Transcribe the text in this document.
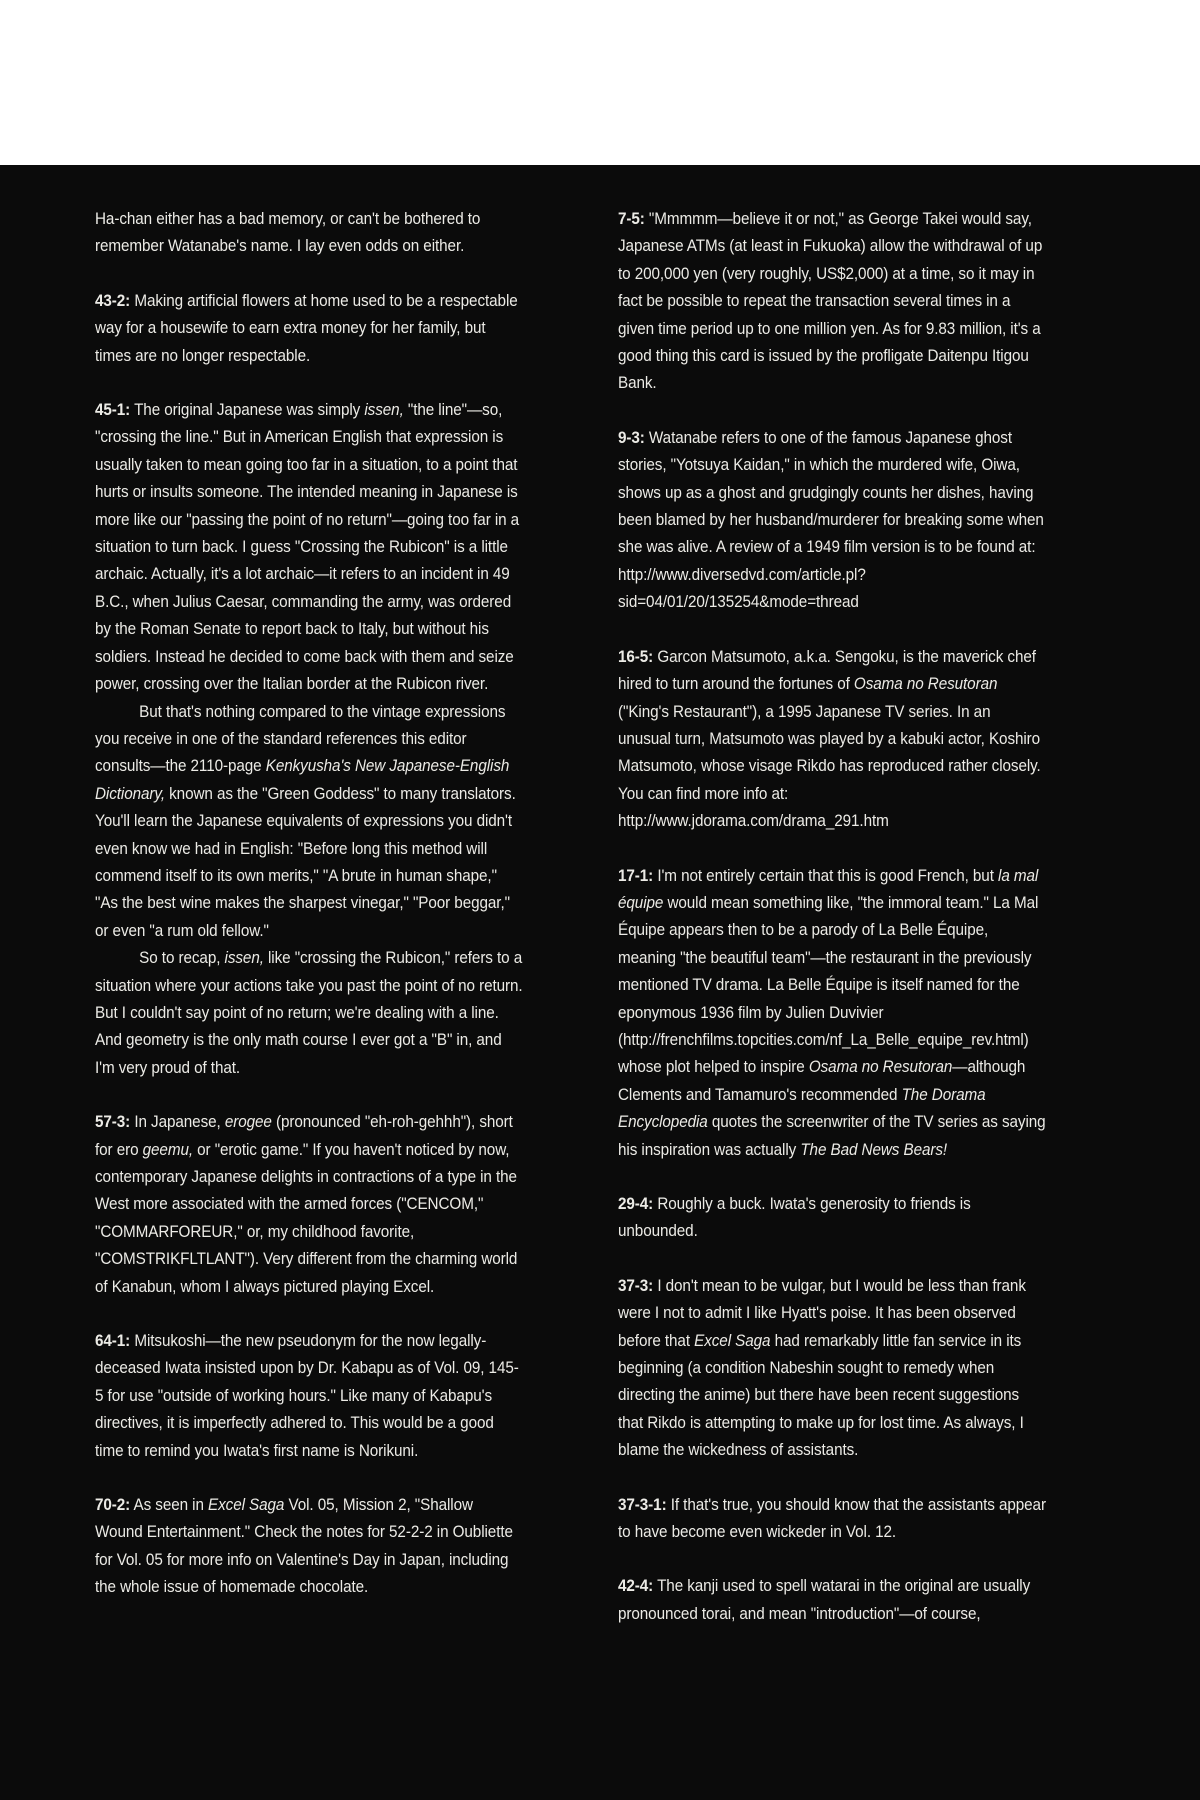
Ha-chan either has a bad memory, or can't be bothered to remember Watanabe's name. I lay even odds on either.

43-2: Making artificial flowers at home used to be a respectable way for a housewife to earn extra money for her family, but times are no longer respectable.

45-1: The original Japanese was simply issen, "the line"—so, "crossing the line." But in American English that expression is usually taken to mean going too far in a situation, to a point that hurts or insults someone. The intended meaning in Japanese is more like our "passing the point of no return"—going too far in a situation to turn back. I guess "Crossing the Rubicon" is a little archaic. Actually, it's a lot archaic—it refers to an incident in 49 B.C., when Julius Caesar, commanding the army, was ordered by the Roman Senate to report back to Italy, but without his soldiers. Instead he decided to come back with them and seize power, crossing over the Italian border at the Rubicon river.

But that's nothing compared to the vintage expressions you receive in one of the standard references this editor consults—the 2110-page Kenkyusha's New Japanese-English Dictionary, known as the "Green Goddess" to many translators. You'll learn the Japanese equivalents of expressions you didn't even know we had in English: "Before long this method will commend itself to its own merits," "A brute in human shape," "As the best wine makes the sharpest vinegar," "Poor beggar," or even "a rum old fellow."

So to recap, issen, like "crossing the Rubicon," refers to a situation where your actions take you past the point of no return. But I couldn't say point of no return; we're dealing with a line. And geometry is the only math course I ever got a "B" in, and I'm very proud of that.

57-3: In Japanese, erogee (pronounced "eh-roh-gehhh"), short for ero geemu, or "erotic game." If you haven't noticed by now, contemporary Japanese delights in contractions of a type in the West more associated with the armed forces ("CENCOM," "COMMARFOREUR," or, my childhood favorite, "COMSTRIKFLTLANT"). Very different from the charming world of Kanabun, whom I always pictured playing Excel.

64-1: Mitsukoshi—the new pseudonym for the now legally-deceased Iwata insisted upon by Dr. Kabapu as of Vol. 09, 145-5 for use "outside of working hours." Like many of Kabapu's directives, it is imperfectly adhered to. This would be a good time to remind you Iwata's first name is Norikuni.

70-2: As seen in Excel Saga Vol. 05, Mission 2, "Shallow Wound Entertainment." Check the notes for 52-2-2 in Oubliette for Vol. 05 for more info on Valentine's Day in Japan, including the whole issue of homemade chocolate.

7-5: "Mmmmm—believe it or not," as George Takei would say, Japanese ATMs (at least in Fukuoka) allow the withdrawal of up to 200,000 yen (very roughly, US$2,000) at a time, so it may in fact be possible to repeat the transaction several times in a given time period up to one million yen. As for 9.83 million, it's a good thing this card is issued by the profligate Daitenpu Itigou Bank.

9-3: Watanabe refers to one of the famous Japanese ghost stories, "Yotsuya Kaidan," in which the murdered wife, Oiwa, shows up as a ghost and grudgingly counts her dishes, having been blamed by her husband/murderer for breaking some when she was alive. A review of a 1949 film version is to be found at: http://www.diversedvd.com/article.pl?sid=04/01/20/135254&mode=thread

16-5: Garcon Matsumoto, a.k.a. Sengoku, is the maverick chef hired to turn around the fortunes of Osama no Resutoran ("King's Restaurant"), a 1995 Japanese TV series. In an unusual turn, Matsumoto was played by a kabuki actor, Koshiro Matsumoto, whose visage Rikdo has reproduced rather closely. You can find more info at: http://www.jdorama.com/drama_291.htm

17-1: I'm not entirely certain that this is good French, but la mal équipe would mean something like, "the immoral team." La Mal Équipe appears then to be a parody of La Belle Équipe, meaning "the beautiful team"—the restaurant in the previously mentioned TV drama. La Belle Équipe is itself named for the eponymous 1936 film by Julien Duvivier (http://frenchfilms.topcities.com/nf_La_Belle_equipe_rev.html) whose plot helped to inspire Osama no Resutoran—although Clements and Tamamuro's recommended The Dorama Encyclopedia quotes the screenwriter of the TV series as saying his inspiration was actually The Bad News Bears!

29-4: Roughly a buck. Iwata's generosity to friends is unbounded.

37-3: I don't mean to be vulgar, but I would be less than frank were I not to admit I like Hyatt's poise. It has been observed before that Excel Saga had remarkably little fan service in its beginning (a condition Nabeshin sought to remedy when directing the anime) but there have been recent suggestions that Rikdo is attempting to make up for lost time. As always, I blame the wickedness of assistants.

37-3-1: If that's true, you should know that the assistants appear to have become even wickeder in Vol. 12.

42-4: The kanji used to spell watarai in the original are usually pronounced torai, and mean "introduction"—of course,
